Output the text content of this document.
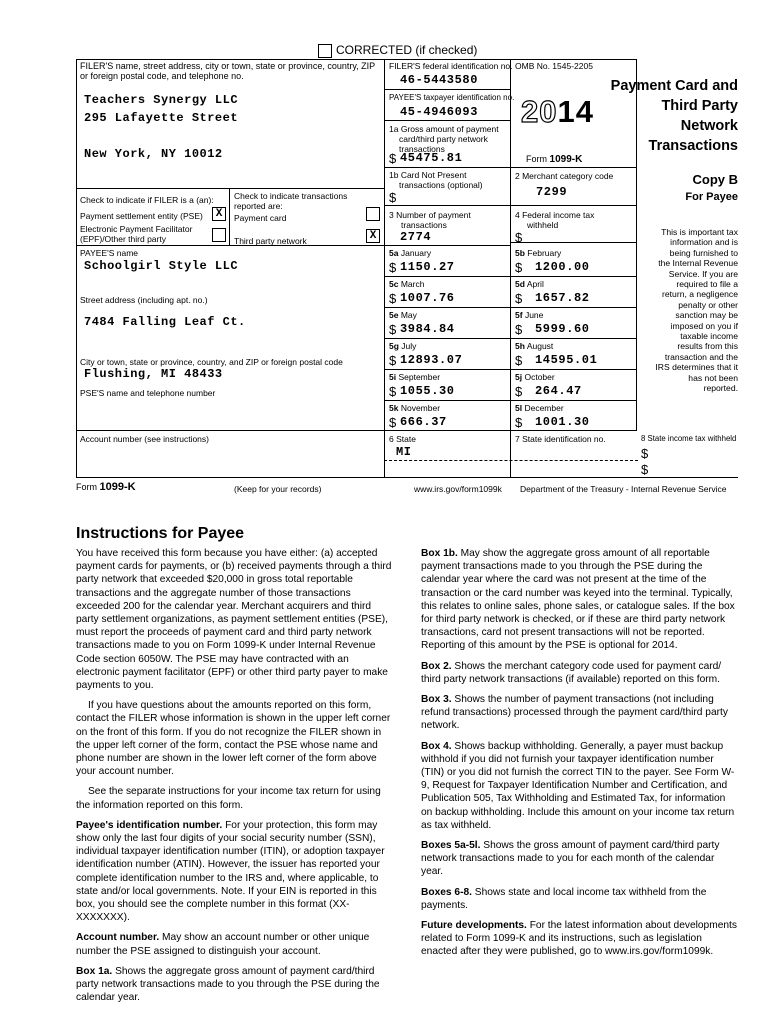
CORRECTED (if checked)
FILER'S name, street address, city or town, state or province, country, ZIP
or foreign postal code, and telephone no.
Teachers Synergy LLC
295 Lafayette Street
New York, NY 10012
FILER'S federal identification no.
46-5443580
PAYEE'S taxpayer identification no.
45-4946093
1a Gross amount of payment
card/third party network
transactions
$ 45475.81
OMB No. 1545-2205
2014
Form 1099-K
Payment Card and
Third Party
Network
Transactions
Copy B
For Payee
This is important tax
information and is
being furnished to
the Internal Revenue
Service. If you are
required to file a
return, a negligence
penalty or other
sanction may be
imposed on you if
taxable income
results from this
transaction and the
IRS determines that it
has not been
reported.
Check to indicate if FILER is a (an): Check to indicate transactions
reported are:
Payment settlement entity (PSE)	X
Electronic Payment Facilitator
(EPF)/Other third party
Payment card
Third party network	X
PAYEE'S name
Schoolgirl Style LLC
Street address (including apt. no.)
7484 Falling Leaf Ct.
City or town, state or province, country, and ZIP or foreign postal code
Flushing, MI 48433
PSE'S name and telephone number
Account number (see instructions)
1b Card Not Present
transactions (optional)
$
2 Merchant category code
7299
3 Number of payment
transactions
2774
4 Federal income tax
withheld
$
5a January
$ 1150.27
5b February
$ 1200.00
5c March
$ 1007.76
5d April
$ 1657.82
5e May
$ 3984.84
5f June
$ 5999.60
5g July
$ 12893.07
5h August
$ 14595.01
5i September
$ 1055.30
5j October
$ 264.47
5k November
$ 666.37
5l December
$ 1001.30
6 State
MI
7 State identification no.	8 State income tax withheld
$
$
Form 1099-K	(Keep for your records)	www.irs.gov/form1099k Department of the Treasury - Internal Revenue Service
Instructions for Payee

You have received this form because you have either: (a) accepted payment cards for payments, or (b) received payments through a third party network that exceeded $20,000 in gross total reportable transactions and the aggregate number of those transactions exceeded 200 for the calendar year. Merchant acquirers and third party settlement organizations, as payment settlement entities (PSE), must report the proceeds of payment card and third party network transactions made to you on Form 1099-K under Internal Revenue Code section 6050W. The PSE may have contracted with an electronic payment facilitator (EPF) or other third party payer to make payments to you.

If you have questions about the amounts reported on this form, contact the FILER whose information is shown in the upper left corner on the front of this form. If you do not recognize the FILER shown in the upper left corner of the form, contact the PSE whose name and phone number are shown in the lower left corner of the form above your account number.

See the separate instructions for your income tax return for using the information reported on this form.

Payee's identification number. For your protection, this form may show only the last four digits of your social security number (SSN), individual taxpayer identification number (ITIN), or adoption taxpayer identification number (ATIN). However, the issuer has reported your complete identification number to the IRS and, where applicable, to state and/or local governments. Note. If your EIN is reported in this box, you should see the complete number in this format (XX-XXXXXXX).

Account number. May show an account number or other unique number the PSE assigned to distinguish your account.

Box 1a. Shows the aggregate gross amount of payment card/third party network transactions made to you through the PSE during the calendar year.

Box 1b. May show the aggregate gross amount of all reportable payment transactions made to you through the PSE during the calendar year where the card was not present at the time of the transaction or the card number was keyed into the terminal. Typically, this relates to online sales, phone sales, or catalogue sales. If the box for third party network is checked, or if these are third party network transactions, card not present transactions will not be reported. Reporting of this amount by the PSE is optional for 2014.

Box 2. Shows the merchant category code used for payment card/ third party network transactions (if available) reported on this form.

Box 3. Shows the number of payment transactions (not including refund transactions) processed through the payment card/third party network.

Box 4. Shows backup withholding. Generally, a payer must backup withhold if you did not furnish your taxpayer identification number (TIN) or you did not furnish the correct TIN to the payer. See Form W-9, Request for Taxpayer Identification Number and Certification, and Publication 505, Tax Withholding and Estimated Tax, for information on backup withholding. Include this amount on your income tax return as tax withheld.

Boxes 5a-5l. Shows the gross amount of payment card/third party network transactions made to you for each month of the calendar year.

Boxes 6-8. Shows state and local income tax withheld from the payments.

Future developments. For the latest information about developments related to Form 1099-K and its instructions, such as legislation enacted after they were published, go to www.irs.gov/form1099k.
